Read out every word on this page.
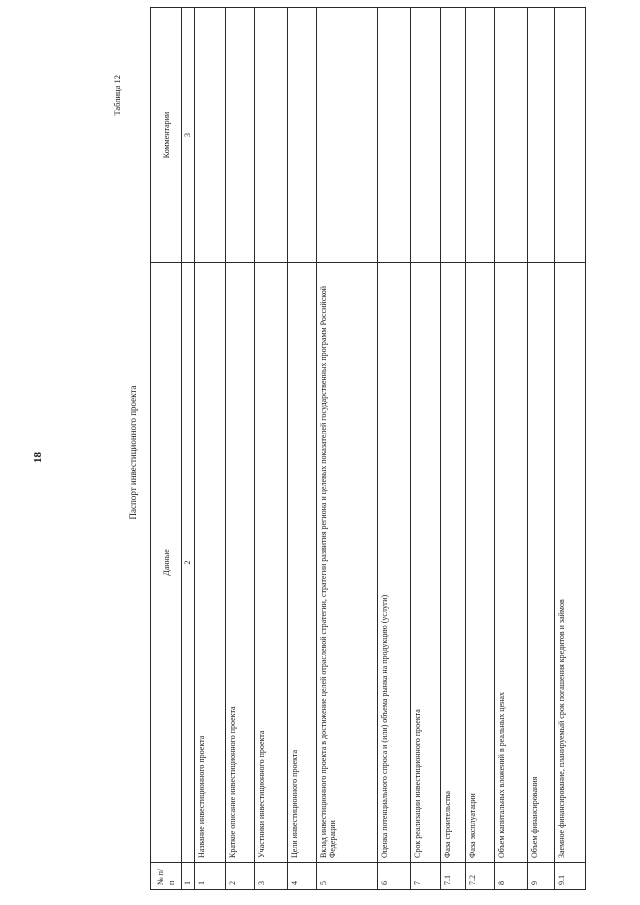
18
Таблица 12
Паспорт инвестиционного проекта
№ п/п	Данные	Комментарии
1	2	3
1	Название инвестиционного проекта	
2	Краткое описание инвестиционного проекта	
3	Участники инвестиционного проекта	
4	Цели инвестиционного проекта	
5	Вклад инвестиционного проекта в достижение целей отраслевой стратегии, стратегии развития региона и целевых показателей государственных программ Российской Федерации	
6	Оценка потенциального спроса и (или) объема рынка на продукцию (услуги)	
7	Срок реализации инвестиционного проекта	
7.1	Фаза строительства	
7.2	Фаза эксплуатации	
8	Объем капитальных вложений в реальных ценах	
9	Объем финансирования	
9.1	Заемное финансирование, планируемый срок погашения кредитов и займов	
